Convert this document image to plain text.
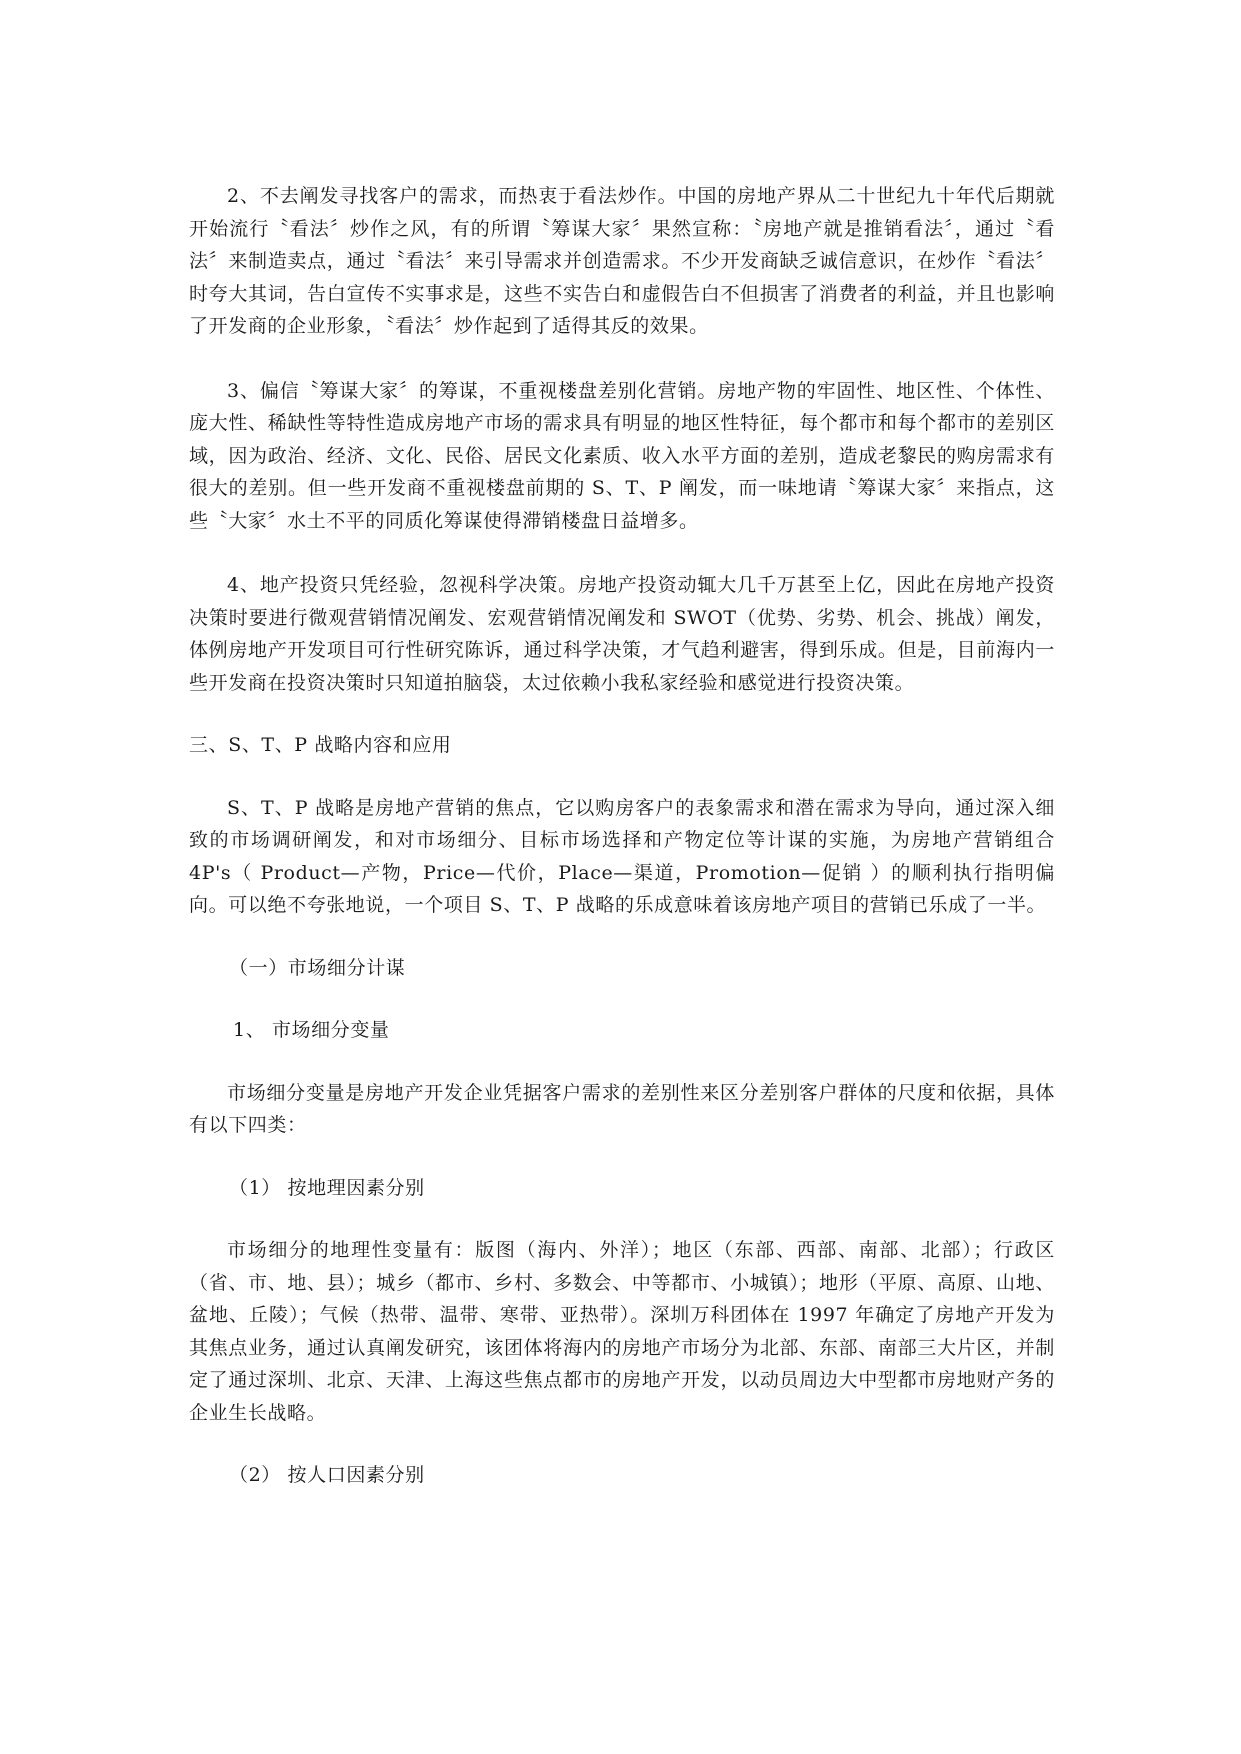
2、不去阐发寻找客户的需求，而热衷于看法炒作。中国的房地产界从二十世纪九十年代后期就开始流行〝看法〞炒作之风，有的所谓〝筹谋大家〞果然宣称：〝房地产就是推销看法〞，通过〝看法〞来制造卖点，通过〝看法〞来引导需求并创造需求。不少开发商缺乏诚信意识，在炒作〝看法〞时夸大其词，告白宣传不实事求是，这些不实告白和虚假告白不但损害了消费者的利益，并且也影响了开发商的企业形象，〝看法〞炒作起到了适得其反的效果。

3、偏信〝筹谋大家〞的筹谋，不重视楼盘差别化营销。房地产物的牢固性、地区性、个体性、庞大性、稀缺性等特性造成房地产市场的需求具有明显的地区性特征，每个都市和每个都市的差别区域，因为政治、经济、文化、民俗、居民文化素质、收入水平方面的差别，造成老黎民的购房需求有很大的差别。但一些开发商不重视楼盘前期的 S、T、P 阐发，而一味地请〝筹谋大家〞来指点，这些〝大家〞水土不平的同质化筹谋使得滞销楼盘日益增多。

4、地产投资只凭经验，忽视科学决策。房地产投资动辄大几千万甚至上亿，因此在房地产投资决策时要进行微观营销情况阐发、宏观营销情况阐发和 SWOT（优势、劣势、机会、挑战）阐发，体例房地产开发项目可行性研究陈诉，通过科学决策，才气趋利避害，得到乐成。但是，目前海内一些开发商在投资决策时只知道拍脑袋，太过依赖小我私家经验和感觉进行投资决策。

三、S、T、P 战略内容和应用

S、T、P 战略是房地产营销的焦点，它以购房客户的表象需求和潜在需求为导向，通过深入细致的市场调研阐发，和对市场细分、目标市场选择和产物定位等计谋的实施，为房地产营销组合 4P's（ Product—产物，Price—代价，Place—渠道，Promotion—促销 ）的顺利执行指明偏向。可以绝不夸张地说，一个项目 S、T、P 战略的乐成意味着该房地产项目的营销已乐成了一半。

（一）市场细分计谋

1、 市场细分变量

市场细分变量是房地产开发企业凭据客户需求的差别性来区分差别客户群体的尺度和依据，具体有以下四类：

（1） 按地理因素分别

市场细分的地理性变量有：版图（海内、外洋）；地区（东部、西部、南部、北部）；行政区（省、市、地、县）；城乡（都市、乡村、多数会、中等都市、小城镇）；地形（平原、高原、山地、盆地、丘陵）；气候（热带、温带、寒带、亚热带）。深圳万科团体在 1997 年确定了房地产开发为其焦点业务，通过认真阐发研究，该团体将海内的房地产市场分为北部、东部、南部三大片区，并制定了通过深圳、北京、天津、上海这些焦点都市的房地产开发，以动员周边大中型都市房地财产务的企业生长战略。

（2） 按人口因素分别
